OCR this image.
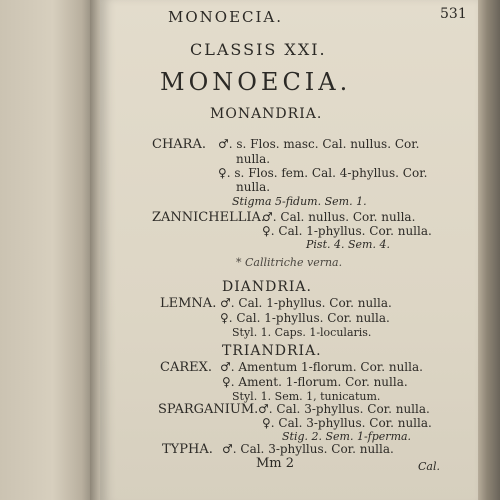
MONOECIA.	531
CLASSIS XXI.
MONOECIA.
MONANDRIA.
CHARA. ♂. s. Flos. masc. Cal. nullus. Cor.
nulla.
♀. s. Flos. fem. Cal. 4-phyllus. Cor.
nulla.
Stigma 5-fidum. Sem. 1.
ZANNICHELLIA.
♂. Cal. nullus. Cor. nulla.
♀. Cal. 1-phyllus. Cor. nulla.
Pist. 4. Sem. 4.
* Callitriche verna.
DIANDRIA.
LEMNA. ♂. Cal. 1-phyllus. Cor. nulla.
♀. Cal. 1-phyllus. Cor. nulla.
Styl. 1. Caps. 1-locularis.
TRIANDRIA.
CAREX. ♂. Amentum 1-florum. Cor. nulla.
♀. Ament. 1-florum. Cor. nulla.
Styl. 1. Sem. 1, tunicatum.
SPARGANIUM. ♂. Cal. 3-phyllus. Cor. nulla.
♀. Cal. 3-phyllus. Cor. nulla.
Stig. 2. Sem. 1-fperma.
TYPHA. ♂. Cal. 3-phyllus. Cor. nulla.
Mm 2	Cal.
